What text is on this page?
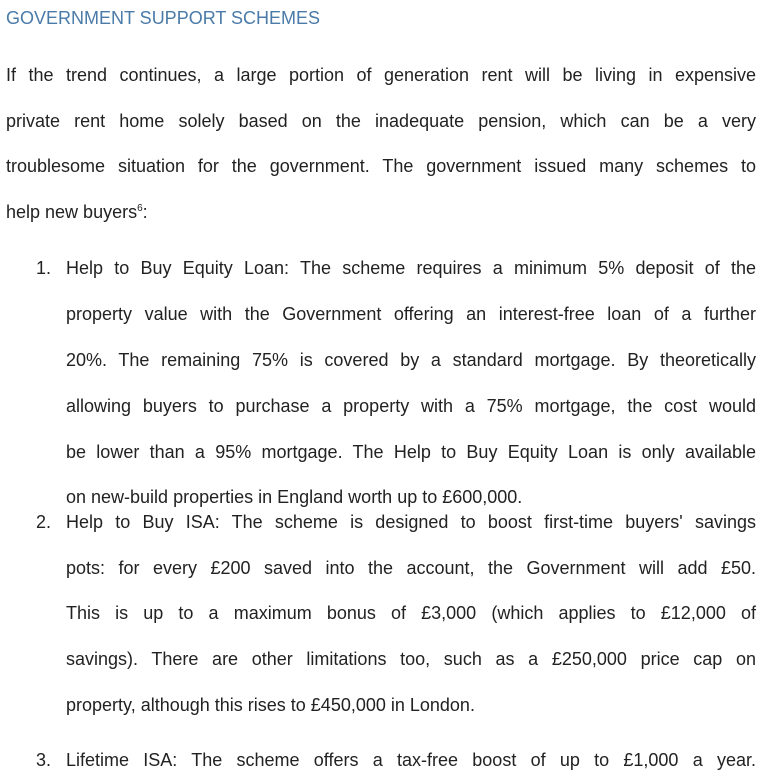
GOVERNMENT SUPPORT SCHEMES
If the trend continues, a large portion of generation rent will be living in expensive
private rent home solely based on the inadequate pension, which can be a very
troublesome situation for the government. The government issued many schemes to
help new buyers$^6$:
1. Help to Buy Equity Loan: The scheme requires a minimum 5% deposit of the
property value with the Government offering an interest-free loan of a further
20%. The remaining 75% is covered by a standard mortgage. By theoretically
allowing buyers to purchase a property with a 75% mortgage, the cost would
be lower than a 95% mortgage. The Help to Buy Equity Loan is only available
on new-build properties in England worth up to £600,000.
2. Help to Buy ISA: The scheme is designed to boost first-time buyers' savings
pots: for every £200 saved into the account, the Government will add £50.
This is up to a maximum bonus of £3,000 (which applies to £12,000 of
savings). There are other limitations too, such as a £250,000 price cap on
property, although this rises to £450,000 in London.
3. Lifetime ISA: The scheme offers a tax-free boost of up to £1,000 a year.
